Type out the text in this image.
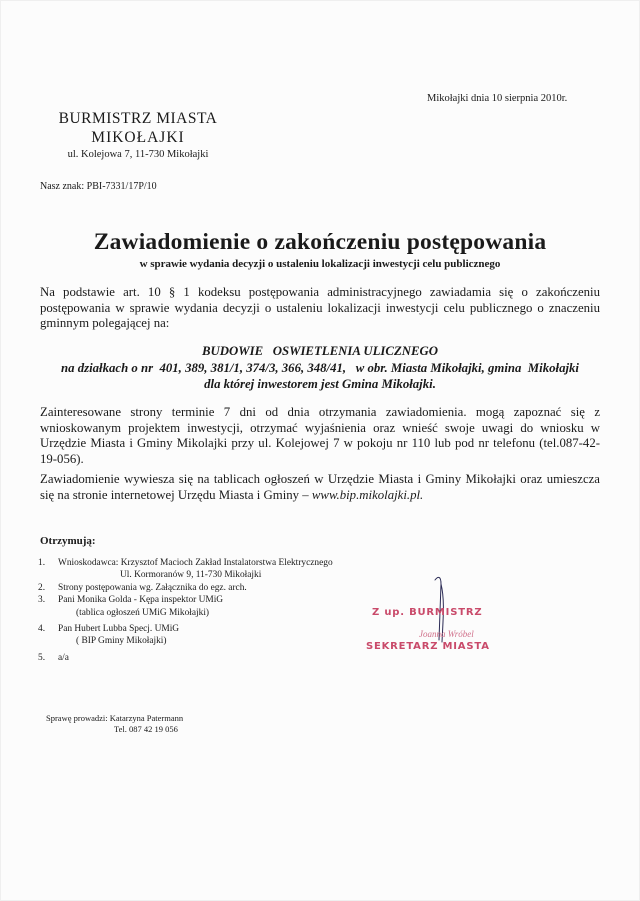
Mikołajki dnia 10 sierpnia 2010r.
BURMISTRZ MIASTA
MIKOŁAJKI
ul. Kolejowa 7, 11-730 Mikołajki
Nasz znak: PBI-7331/17P/10
Zawiadomienie o zakończeniu postępowania
w sprawie wydania decyzji o ustaleniu lokalizacji inwestycji celu publicznego
Na podstawie art. 10 § 1 kodeksu postępowania administracyjnego zawiadamia się o zakończeniu postępowania w sprawie wydania decyzji o ustaleniu lokalizacji inwestycji celu publicznego o znaczeniu gminnym polegającej na:
BUDOWIE   OSWIETLENIA ULICZNEGO
na działkach o nr  401, 389, 381/1, 374/3, 366, 348/41,   w obr. Miasta Mikołajki, gmina  Mikołajki
dla której inwestorem jest Gmina Mikołajki.
Zainteresowane strony terminie 7 dni od dnia otrzymania zawiadomienia. mogą zapoznać się z wnioskowanym projektem inwestycji, otrzymać wyjaśnienia oraz wnieść swoje uwagi do wniosku w Urzędzie Miasta i Gminy Mikolajki przy ul. Kolejowej 7 w pokoju nr 110 lub pod nr telefonu (tel.087-42-19-056).
Zawiadomienie wywiesza się na tablicach ogłoszeń w Urzędzie Miasta i Gminy Mikołajki oraz umieszcza się na stronie internetowej Urzędu Miasta i Gminy – www.bip.mikolajki.pl.
Otrzymują:
1.	Wnioskodawca: Krzysztof Macioch Zakład Instalatorstwa Elektrycznego
Ul. Kormoranów 9, 11-730 Mikołajki
2.	Strony postępowania wg. Załącznika do egz. arch.
3.	Pani Monika Golda - Kępa inspektor UMiG
(tablica ogłoszeń UMiG Mikołajki)
4.	Pan Hubert Lubba Specj. UMiG
( BIP Gminy Mikołajki)
5.	a/a
Z up. BURMISTRZ
Joanna Wróbel
SEKRETARZ MIASTA
Sprawę prowadzi: Katarzyna Patermann
Tel. 087 42 19 056
